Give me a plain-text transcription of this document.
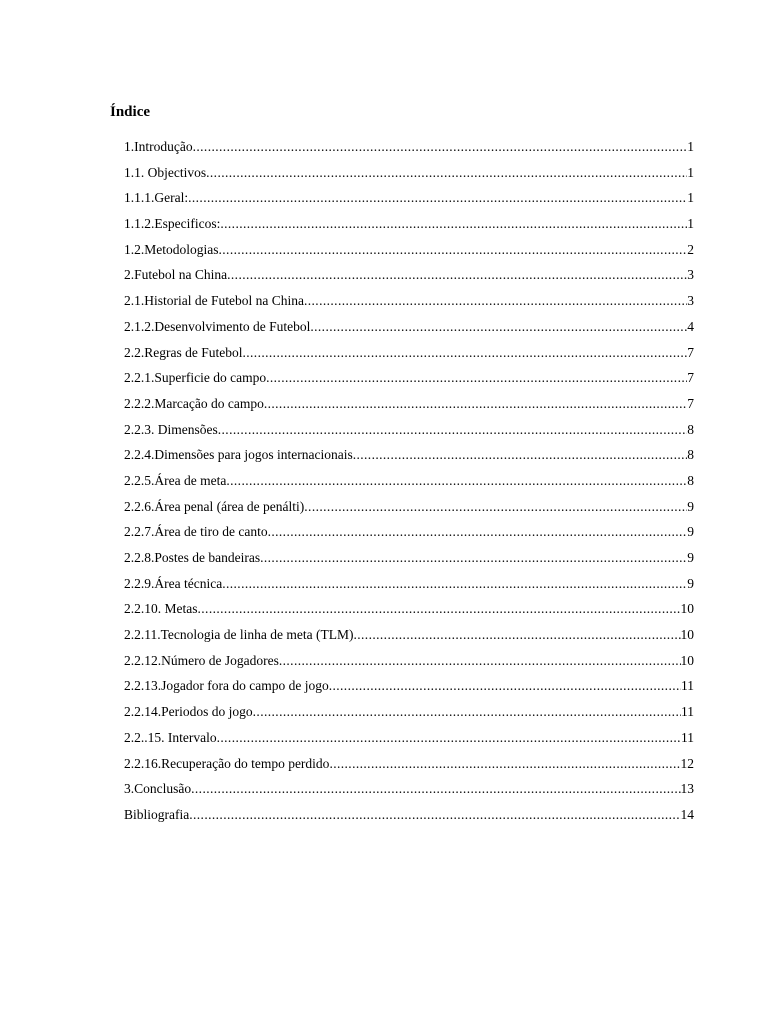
Índice
1.Introdução .....	1
1.1. Objectivos .....	1
1.1.1.Geral: .....	1
1.1.2.Especificos: .....	1
1.2.Metodologias .....	2
2.Futebol na China .....	3
2.1.Historial de Futebol na China .....	3
2.1.2.Desenvolvimento de Futebol .....	4
2.2.Regras de Futebol .....	7
2.2.1.Superficie do campo .....	7
2.2.2.Marcação do campo .....	7
2.2.3. Dimensões .....	8
2.2.4.Dimensões para jogos internacionais .....	8
2.2.5.Área de meta .....	8
2.2.6.Área penal (área de penálti) .....	9
2.2.7.Área de tiro de canto .....	9
2.2.8.Postes de bandeiras .....	9
2.2.9.Área técnica .....	9
2.2.10. Metas .....	10
2.2.11.Tecnologia de linha de meta (TLM) .....	10
2.2.12.Número de Jogadores .....	10
2.2.13.Jogador fora do campo de jogo .....	11
2.2.14.Periodos do jogo .....	11
2.2..15. Intervalo .....	11
2.2.16.Recuperação do tempo perdido .....	12
3.Conclusão .....	13
Bibliografia .....	14
